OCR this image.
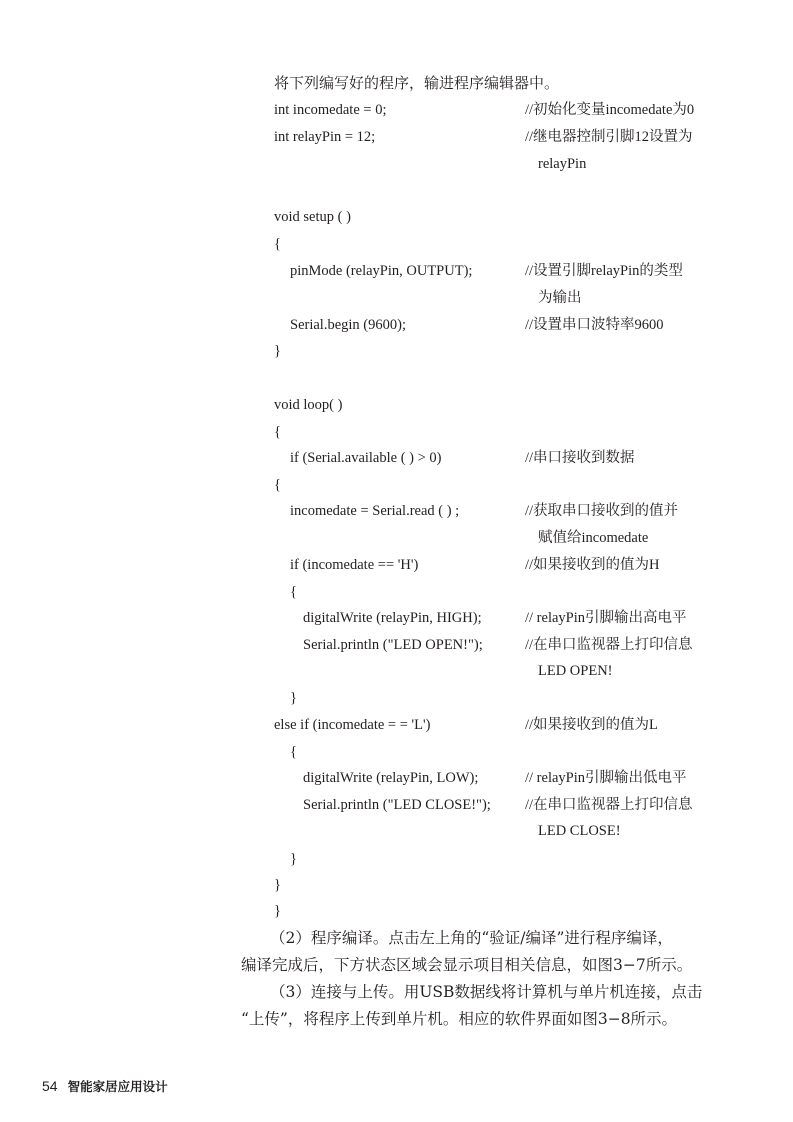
将下列编写好的程序，输进程序编辑器中。
int incomedate = 0;	//初始化变量incomedate为0
int relayPin = 12;	//继电器控制引脚12设置为
relayPin
void setup ( )
{
pinMode (relayPin, OUTPUT);	//设置引脚relayPin的类型
为输出
Serial.begin (9600);	//设置串口波特率9600
}
void loop( )
{
if (Serial.available ( ) > 0)	//串口接收到数据
{
incomedate = Serial.read ( ) ;	//获取串口接收到的值并
赋值给incomedate
if (incomedate == 'H')	//如果接收到的值为H
{
digitalWrite (relayPin, HIGH);	// relayPin引脚输出高电平
Serial.println ("LED OPEN!");	//在串口监视器上打印信息
LED OPEN!
}
else if (incomedate = = 'L')	//如果接收到的值为L
{
digitalWrite (relayPin, LOW);	// relayPin引脚输出低电平
Serial.println ("LED CLOSE!"); //在串口监视器上打印信息
LED CLOSE!
}
}
}
（2）程序编译。点击左上角的“验证/编译”进行程序编译，
编译完成后，下方状态区域会显示项目相关信息，如图3−7所示。
（3）连接与上传。用USB数据线将计算机与单片机连接，点击
“上传”，将程序上传到单片机。相应的软件界面如图3−8所示。
54 智能家居应用设计
